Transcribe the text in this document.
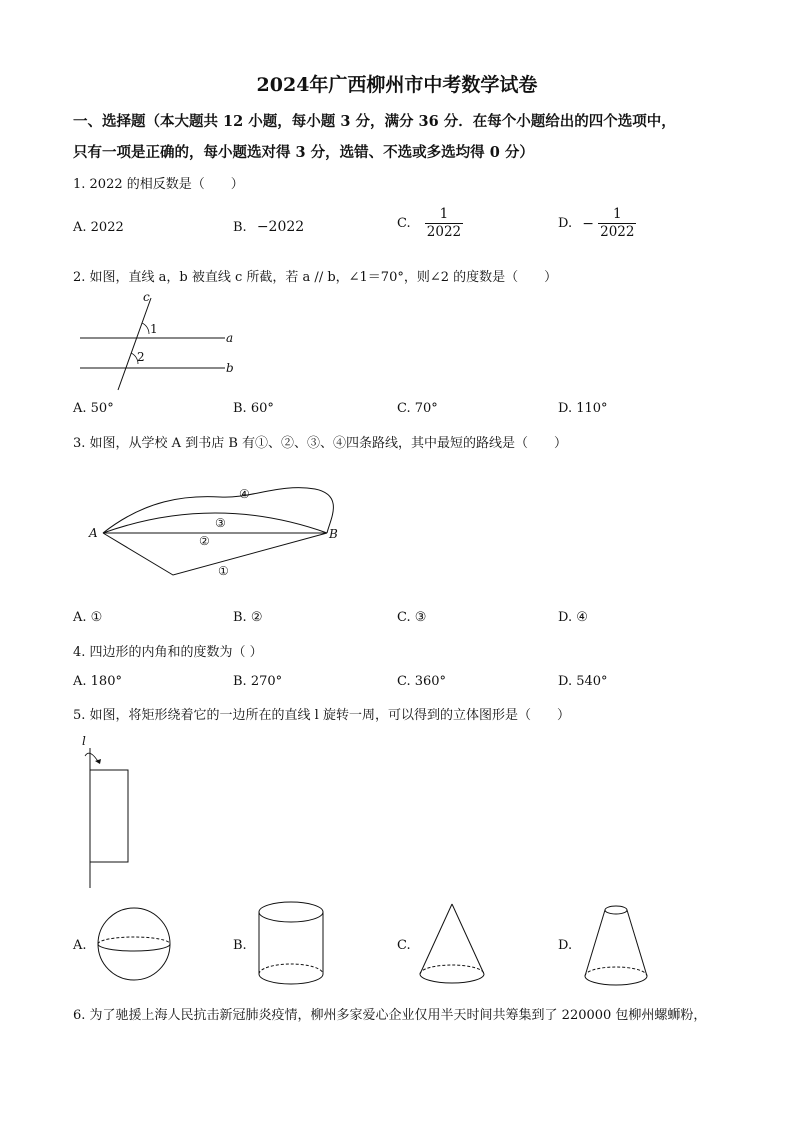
2024年广西柳州市中考数学试卷
一、选择题（本大题共 12 小题，每小题 3 分，满分 36 分．在每个小题给出的四个选项中，
只有一项是正确的，每小题选对得 3 分，选错、不选或多选均得 0 分）
1. 2022 的相反数是（　　）
A. 2022	B. −2022	C. $\frac{1}{2022}$	D. − $\frac{1}{2022}$
2. 如图，直线 a，b 被直线 c 所截，若 a // b，∠1＝70°，则∠2 的度数是（　　）
c
a
b
1
2
A. 50°	B. 60°	C. 70°	D. 110°
3. 如图，从学校 A 到书店 B 有①、②、③、④四条路线，其中最短的路线是（　　）
A	B
④
③
②
①
A. ①	B. ②	C. ③	D. ④
4. 四边形的内角和的度数为（ ）
A. 180°	B. 270°	C. 360°	D. 540°
5. 如图，将矩形绕着它的一边所在的直线 l 旋转一周，可以得到的立体图形是（　　）
l
A.	B.	C.	D.
6. 为了驰援上海人民抗击新冠肺炎疫情，柳州多家爱心企业仅用半天时间共筹集到了 220000 包柳州螺蛳粉，
